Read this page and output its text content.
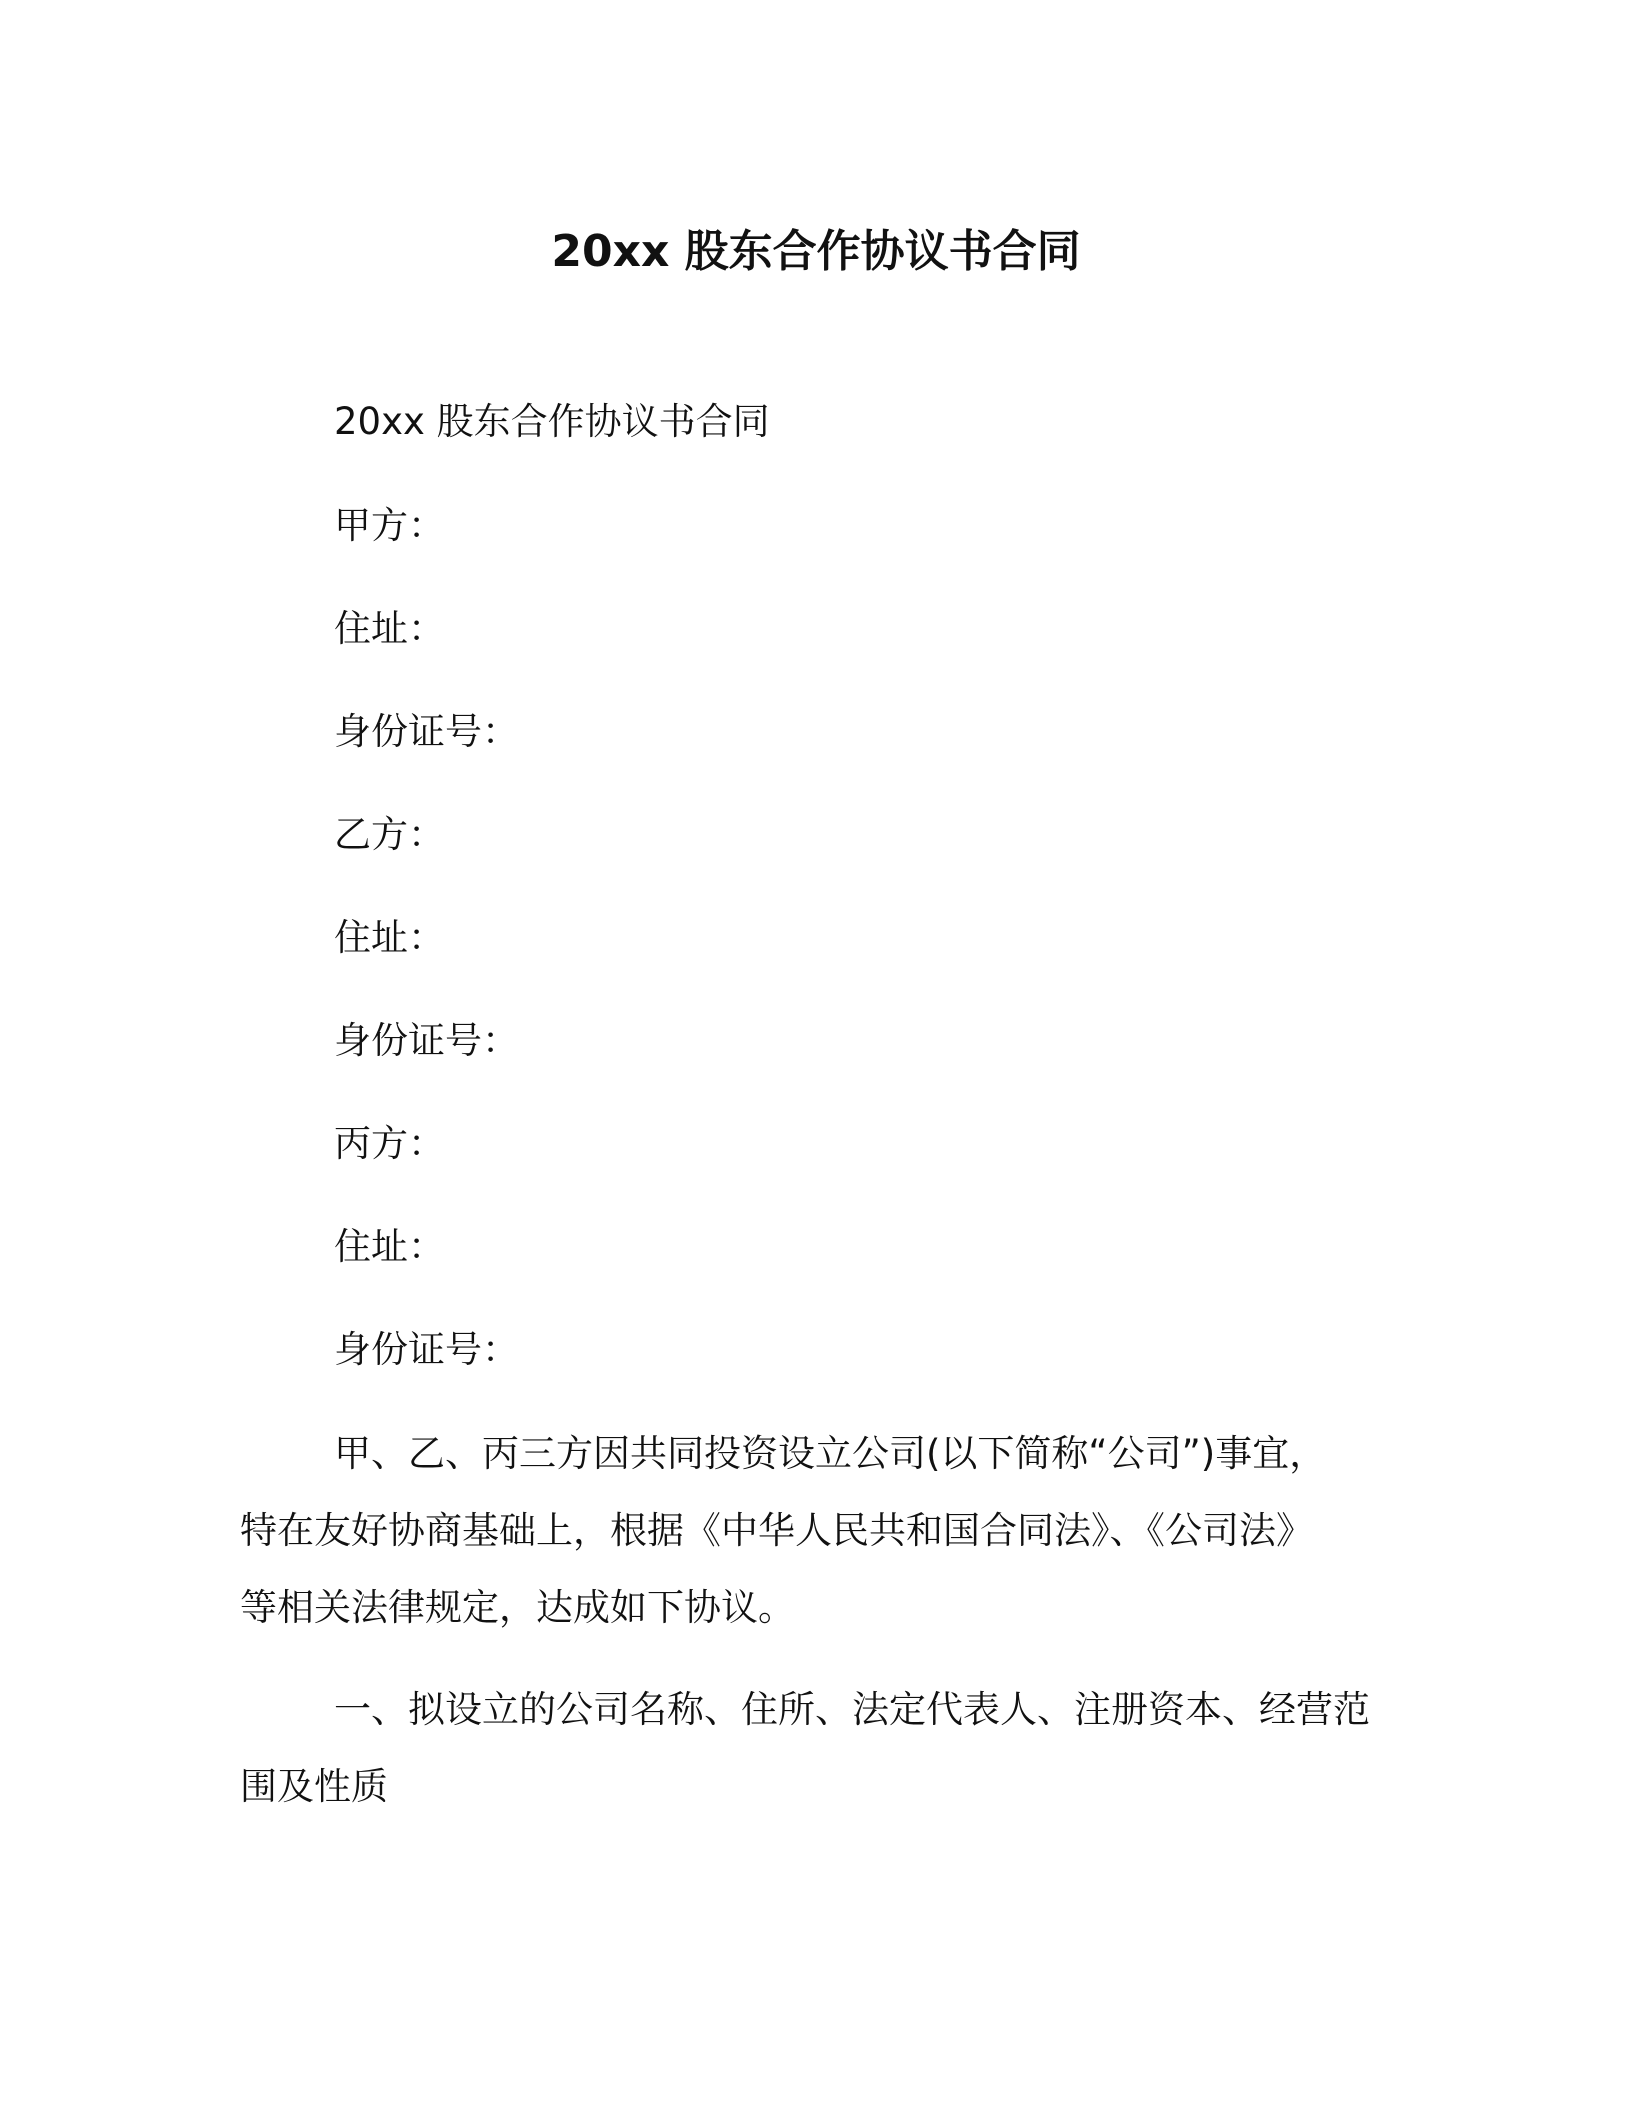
20xx 股东合作协议书合同

20xx 股东合作协议书合同

甲方：

住址：

身份证号：

乙方：

住址：

身份证号：

丙方：

住址：

身份证号：

甲、乙、丙三方因共同投资设立公司(以下简称“公司”)事宜，
特在友好协商基础上，根据《中华人民共和国合同法》、《公司法》
等相关法律规定，达成如下协议。
一、拟设立的公司名称、住所、法定代表人、注册资本、经营范
围及性质
